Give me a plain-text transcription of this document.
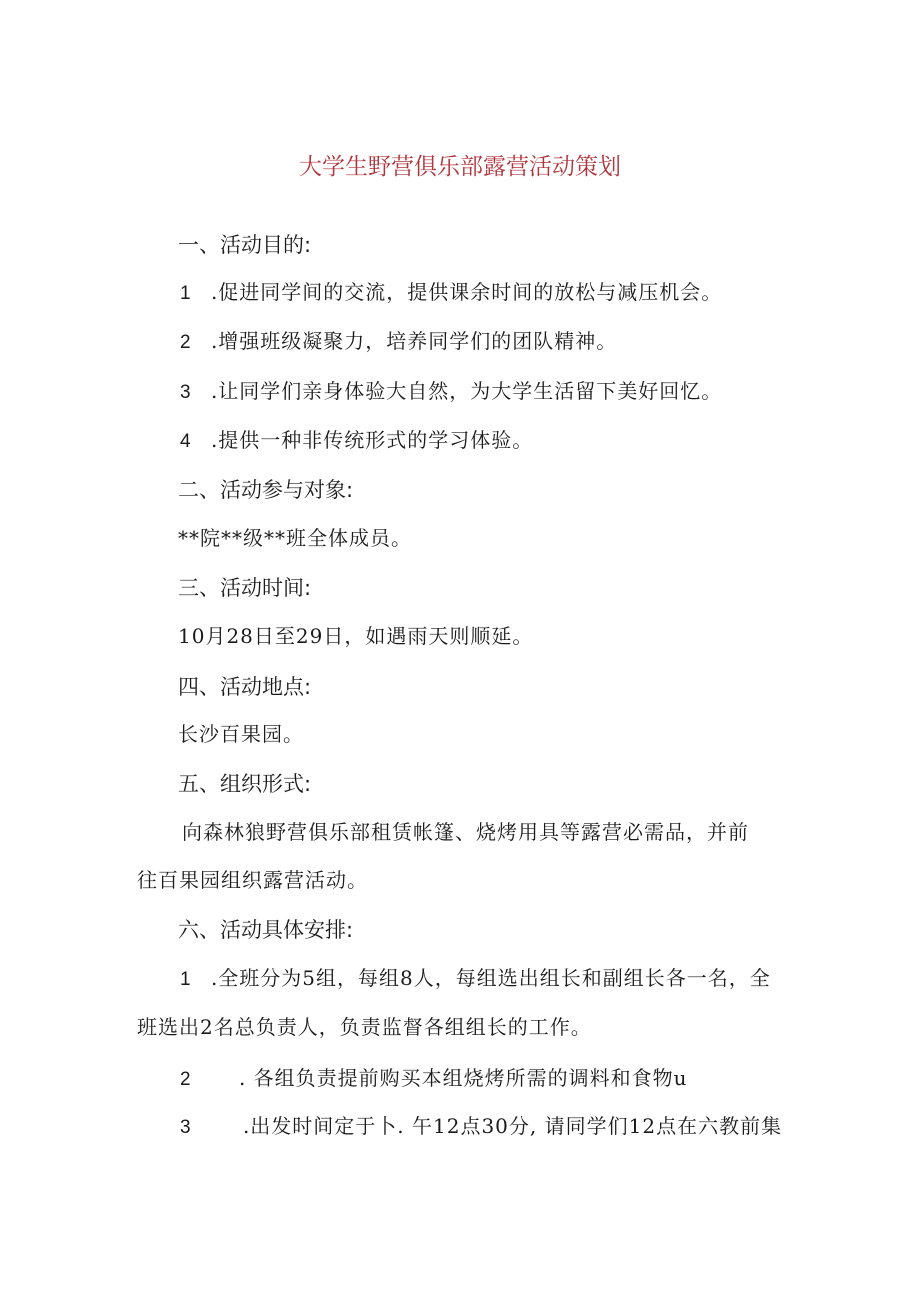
大学生野营俱乐部露营活动策划
一、活动目的:
1 .促进同学间的交流，提供课余时间的放松与减压机会。
2 .增强班级凝聚力，培养同学们的团队精神。
3 .让同学们亲身体验大自然，为大学生活留下美好回忆。
4 .提供一种非传统形式的学习体验。
二、活动参与对象:
**院**级**班全体成员。
三、活动时间:
10月28日至29日，如遇雨天则顺延。
四、活动地点:
长沙百果园。
五、组织形式:
向森林狼野营俱乐部租赁帐篷、烧烤用具等露营必需品，并前
往百果园组织露营活动。
六、活动具体安排:
1 .全班分为5组，每组8人，每组选出组长和副组长各一名，全
班选出2名总负责人，负责监督各组组长的工作。
2 . 各组负责提前购买本组烧烤所需的调料和食物u
3	.出发时间定于卜. 午12点30分, 请同学们12点在六教前集
